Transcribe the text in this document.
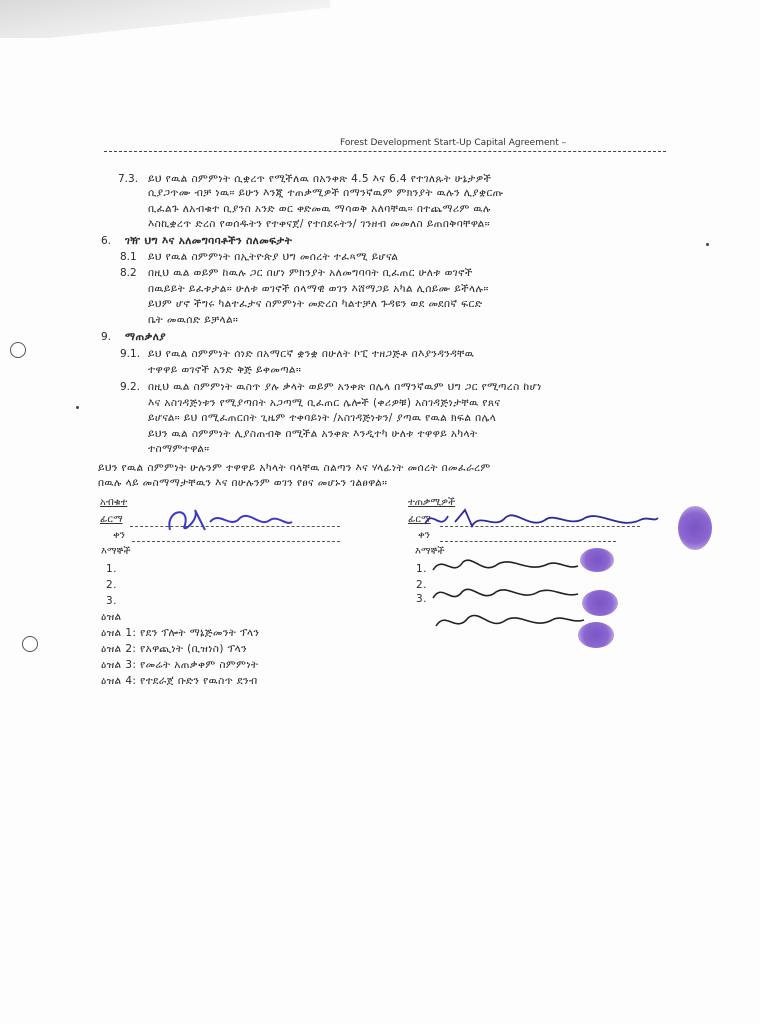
Forest Development Start-Up Capital Agreement –
7.3. ይህ የዉል ስምምነት ሲቋረጥ የሚችለዉ በአንቀጽ 4.5 እና 6.4 የተገለጹት ሁኔታዎች
ሲያጋጥሙ ብቻ ነዉ። ይሁን እንጂ ተጠቃሚዎች በማንኛዉም ምክንያት ዉሉን ሊያቋርጡ
ቢፈልጉ ለአብቁተ ቢያንስ አንድ ወር ቀድመዉ ማሳወቅ አለባቸዉ። በተጨማሪም ዉሉ
እስኪቋረጥ ድረስ የወሰዱትን የተቀናጀ/ የተበደሩትን/ ገንዘብ መመለስ ይጠበቅባቸዋል።
6. ገዥ ህግ እና አለመግባባቶችን ስለመፍታት
8.1 ይህ የዉል ስምምነት በኢትዮጵያ ህግ መሰረት ተፈጻሚ ይሆናል
8.2 በዚህ ዉል ወይም ከዉሉ ጋር በሆነ ምክንያት አለመግባባት ቢፈጠር ሁለቱ ወገኖች
በዉይይት ይፈቱታል። ሁለቱ ወገኖች ሰላማዊ ወገን እሸማጋይ አካል ሊሰይሙ ይችላሉ።
ይህም ሆኖ ችግሩ ካልተፈታና ስምምነት መድረስ ካልተቻለ ጉዳዩን ወደ መደበኛ ፍርድ
ቤት መዉሰድ ይቻላል።
9. ማጠቃለያ
9.1. ይህ የዉል ስምምነት ሰነድ በአማርኛ ቋንቋ በሁለት ኮፒ ተዘጋጅቶ በእያንዳንዳቸዉ
ተዋዋይ ወገኖች አንድ ቅጅ ይቀመጣል።
9.2. በዚህ ዉል ስምምነት ዉስጥ ያሉ ቃላት ወይም አንቀጽ በሌላ በማንኛዉም ህግ ጋር የሚጣረስ ከሆነ
እና አስገዳጅነቱን የሚያጣበት አጋጣሚ ቢፈጠር ሌሎች (ቀሪዎቹ) አስገዳጅነታቸዉ የጸና
ይሆናል። ይህ በሚፈጠርበት ጊዜም ተቀባይነት /አስገዳጅነቱን/ ያጣዉ የዉል ክፍል በሌላ
ይህን ዉል ስምምነት ሊያስጠብቅ በሚችል አንቀጽ እንዲተካ ሁለቱ ተዋዋይ አካላት
ተስማምተዋል።
ይህን የዉል ስምምነት ሁሉንም ተዋዋይ አካላት ባላቸዉ ስልጣን እና ሃላፊነት መሰረት በመፈራረም
በዉሉ ላይ መስማማታቸዉን እና በሁሉንም ወገን የፀና መሆኑን ገልፀዋል።
አብቁተ
ፊርማ
ቀን
እማኞች
1.
2.
3.
ተጠቃሚዎች
ፊርማ
ቀን
እማኞች
1.
2.
3.
ዕዝል
ዕዝል 1: የደን ፕሎት ማኔጅመንት ፕላን
ዕዝል 2: የአዋጪነት (ቢዝነስ) ፕላን
ዕዝል 3: የመሬት አጠቃቀም ስምምነት
ዕዝል 4: የተደራጀ ቡድን የዉስጥ ደንብ
